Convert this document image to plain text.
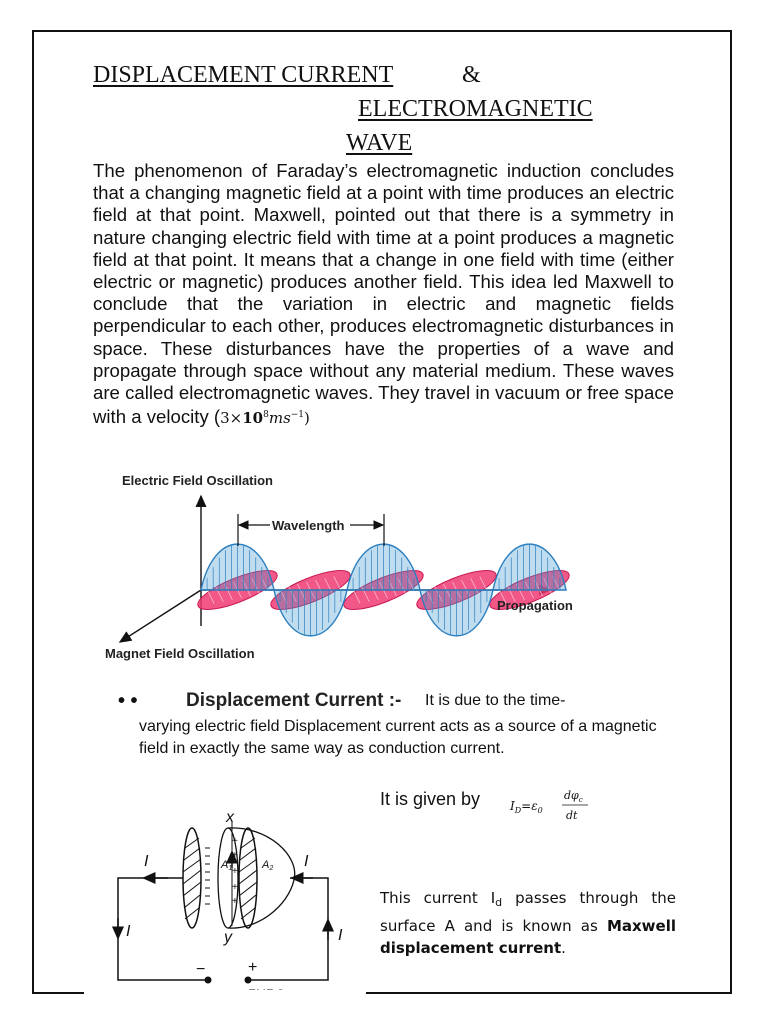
DISPLACEMENT CURRENT	&
ELECTROMAGNETIC
WAVE
The phenomenon of Faraday’s electromagnetic induction concludes that a changing magnetic field at a point with time produces an electric field at that point. Maxwell, pointed out that there is a symmetry in nature changing electric field with time at a point produces a magnetic field at that point. It means that a change in one field with time (either electric or magnetic) produces another field. This idea led Maxwell to conclude that the variation in electric and magnetic fields perpendicular to each other, produces electromagnetic disturbances in space. These disturbances have the properties of a wave and propagate through space without any material medium. These waves are called electromagnetic waves. They travel in vacuum or free space with a velocity $(3\times 10^8ms^{-1})$
Electric Field Oscillation
Wavelength
Propagation
Magnet Field Oscillation
• •	Displacement Current :- It is due to the time-
varying electric field Displacement current acts as a source of a magnetic field in exactly the same way as conduction current.
It is given by $I_D=\varepsilon_0$
$d\varphi_c$
dt
+
+
+
+
+
x
y
I	I
I	I
A1	A2
−	+
This current $I_d$ passes through the surface A and is known as Maxwell displacement current.
